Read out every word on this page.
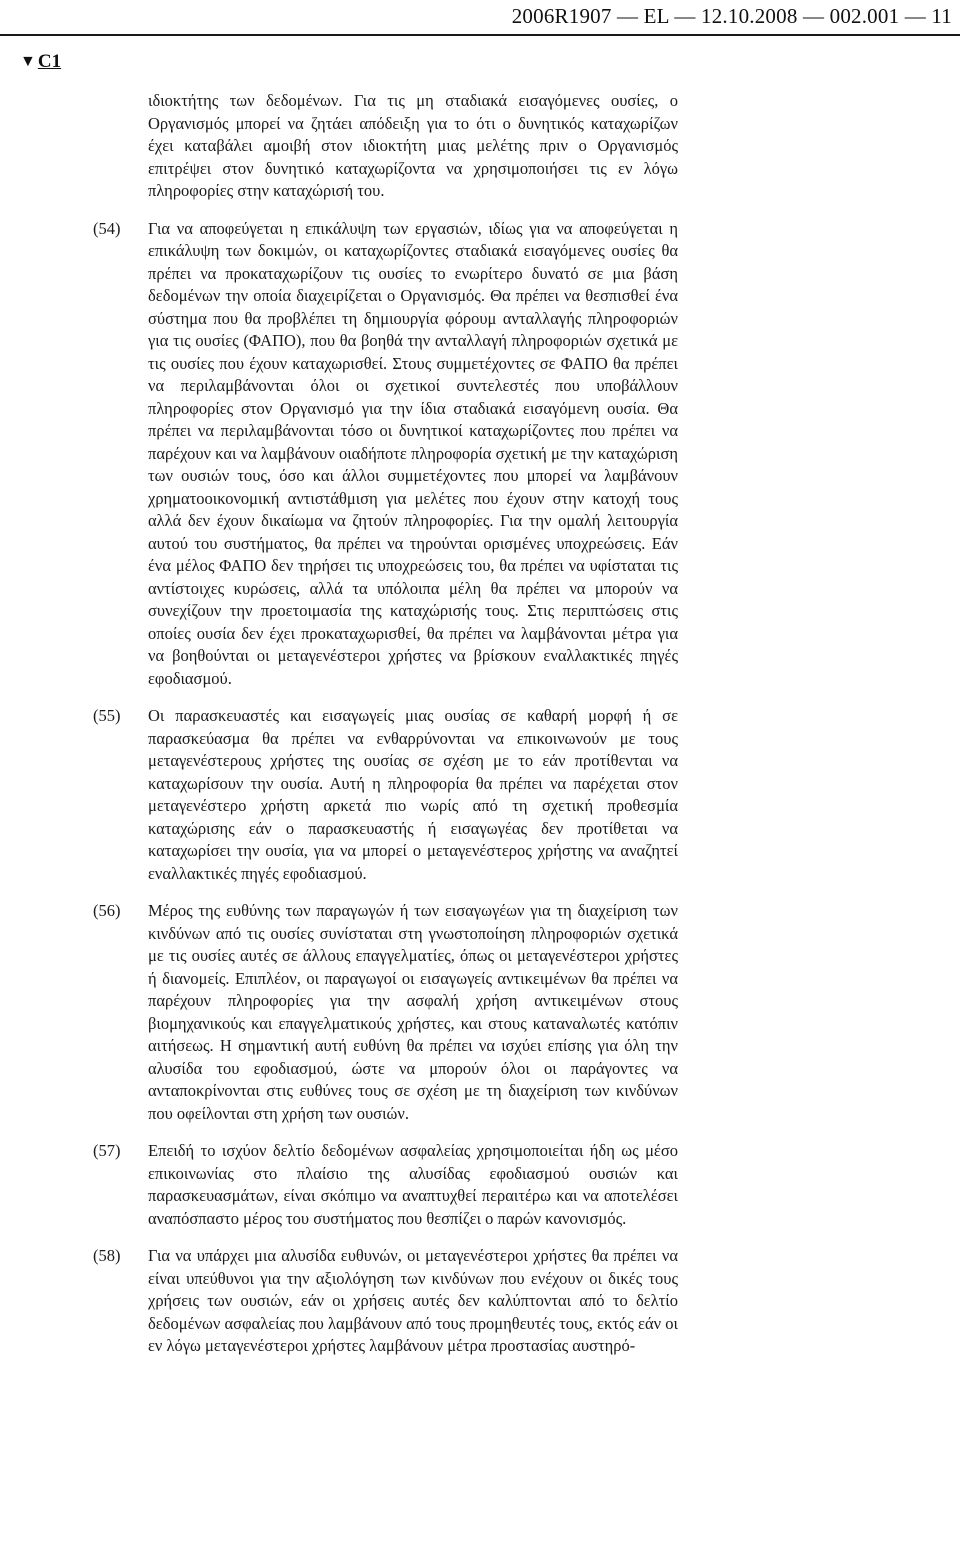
2006R1907 — EL — 12.10.2008 — 002.001 — 11
▼ C1

ιδιοκτήτης των δεδομένων. Για τις μη σταδιακά εισαγόμενες ουσίες, ο Οργανισμός μπορεί να ζητάει απόδειξη για το ότι ο δυνητικός καταχωρίζων έχει καταβάλει αμοιβή στον ιδιοκτήτη μιας μελέτης πριν ο Οργανισμός επιτρέψει στον δυνητικό καταχωρίζοντα να χρησιμοποιήσει τις εν λόγω πληροφορίες στην καταχώρισή του.

(54) Για να αποφεύγεται η επικάλυψη των εργασιών, ιδίως για να αποφεύγεται η επικάλυψη των δοκιμών, οι καταχωρίζοντες σταδιακά εισαγόμενες ουσίες θα πρέπει να προκαταχωρίζουν τις ουσίες το ενωρίτερο δυνατό σε μια βάση δεδομένων την οποία διαχειρίζεται ο Οργανισμός. Θα πρέπει να θεσπισθεί ένα σύστημα που θα προβλέπει τη δημιουργία φόρουμ ανταλλαγής πληροφοριών για τις ουσίες (ΦΑΠΟ), που θα βοηθά την ανταλλαγή πληροφοριών σχετικά με τις ουσίες που έχουν καταχωρισθεί. Στους συμμετέχοντες σε ΦΑΠΟ θα πρέπει να περιλαμβάνονται όλοι οι σχετικοί συντελεστές που υποβάλλουν πληροφορίες στον Οργανισμό για την ίδια σταδιακά εισαγόμενη ουσία. Θα πρέπει να περιλαμβάνονται τόσο οι δυνητικοί καταχωρίζοντες που πρέπει να παρέχουν και να λαμβάνουν οιαδήποτε πληροφορία σχετική με την καταχώριση των ουσιών τους, όσο και άλλοι συμμετέχοντες που μπορεί να λαμβάνουν χρηματοοικονομική αντιστάθμιση για μελέτες που έχουν στην κατοχή τους αλλά δεν έχουν δικαίωμα να ζητούν πληροφορίες. Για την ομαλή λειτουργία αυτού του συστήματος, θα πρέπει να τηρούνται ορισμένες υποχρεώσεις. Εάν ένα μέλος ΦΑΠΟ δεν τηρήσει τις υποχρεώσεις του, θα πρέπει να υφίσταται τις αντίστοιχες κυρώσεις, αλλά τα υπόλοιπα μέλη θα πρέπει να μπορούν να συνεχίζουν την προετοιμασία της καταχώρισής τους. Στις περιπτώσεις στις οποίες ουσία δεν έχει προκαταχωρισθεί, θα πρέπει να λαμβάνονται μέτρα για να βοηθούνται οι μεταγενέστεροι χρήστες να βρίσκουν εναλλακτικές πηγές εφοδιασμού.

(55) Οι παρασκευαστές και εισαγωγείς μιας ουσίας σε καθαρή μορφή ή σε παρασκεύασμα θα πρέπει να ενθαρρύνονται να επικοινωνούν με τους μεταγενέστερους χρήστες της ουσίας σε σχέση με το εάν προτίθενται να καταχωρίσουν την ουσία. Αυτή η πληροφορία θα πρέπει να παρέχεται στον μεταγενέστερο χρήστη αρκετά πιο νωρίς από τη σχετική προθεσμία καταχώρισης εάν ο παρασκευαστής ή εισαγωγέας δεν προτίθεται να καταχωρίσει την ουσία, για να μπορεί ο μεταγενέστερος χρήστης να αναζητεί εναλλακτικές πηγές εφοδιασμού.

(56) Μέρος της ευθύνης των παραγωγών ή των εισαγωγέων για τη διαχείριση των κινδύνων από τις ουσίες συνίσταται στη γνωστοποίηση πληροφοριών σχετικά με τις ουσίες αυτές σε άλλους επαγγελματίες, όπως οι μεταγενέστεροι χρήστες ή διανομείς. Επιπλέον, οι παραγωγοί οι εισαγωγείς αντικειμένων θα πρέπει να παρέχουν πληροφορίες για την ασφαλή χρήση αντικειμένων στους βιομηχανικούς και επαγγελματικούς χρήστες, και στους καταναλωτές κατόπιν αιτήσεως. Η σημαντική αυτή ευθύνη θα πρέπει να ισχύει επίσης για όλη την αλυσίδα του εφοδιασμού, ώστε να μπορούν όλοι οι παράγοντες να ανταποκρίνονται στις ευθύνες τους σε σχέση με τη διαχείριση των κινδύνων που οφείλονται στη χρήση των ουσιών.

(57) Επειδή το ισχύον δελτίο δεδομένων ασφαλείας χρησιμοποιείται ήδη ως μέσο επικοινωνίας στο πλαίσιο της αλυσίδας εφοδιασμού ουσιών και παρασκευασμάτων, είναι σκόπιμο να αναπτυχθεί περαιτέρω και να αποτελέσει αναπόσπαστο μέρος του συστήματος που θεσπίζει ο παρών κανονισμός.

(58) Για να υπάρχει μια αλυσίδα ευθυνών, οι μεταγενέστεροι χρήστες θα πρέπει να είναι υπεύθυνοι για την αξιολόγηση των κινδύνων που ενέχουν οι δικές τους χρήσεις των ουσιών, εάν οι χρήσεις αυτές δεν καλύπτονται από το δελτίο δεδομένων ασφαλείας που λαμβάνουν από τους προμηθευτές τους, εκτός εάν οι εν λόγω μεταγενέστεροι χρήστες λαμβάνουν μέτρα προστασίας αυστηρό-
